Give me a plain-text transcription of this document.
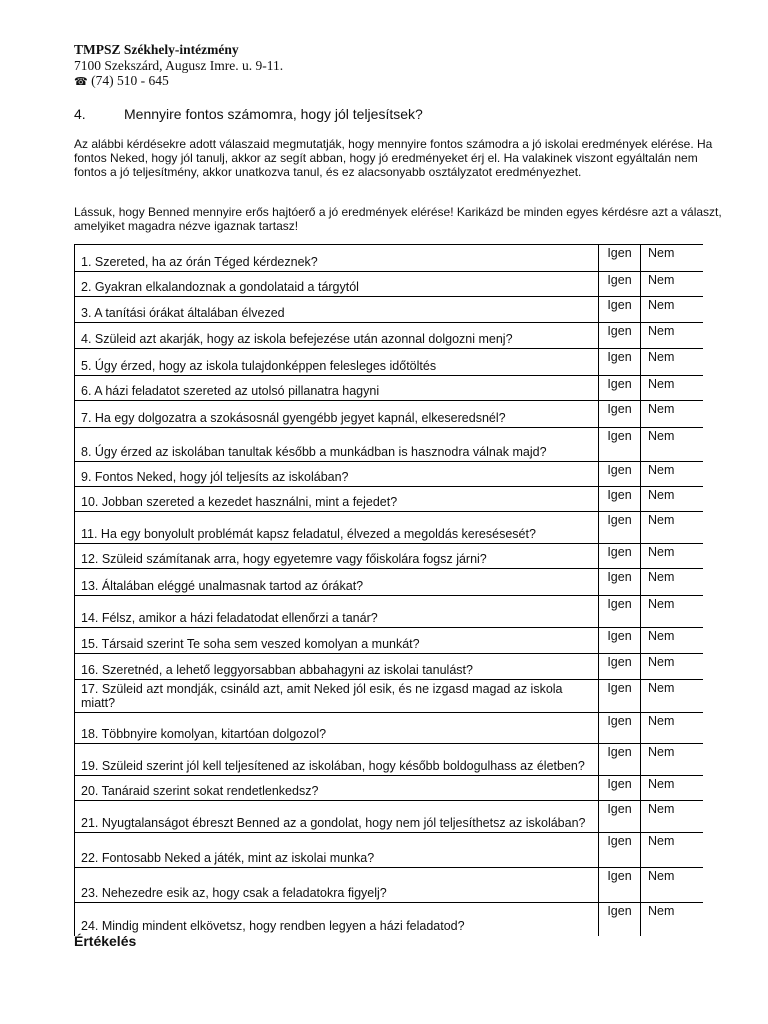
TMPSZ Székhely-intézmény
7100 Szekszárd, Augusz Imre. u. 9-11.
☎ (74) 510 - 645
4.	Mennyire fontos számomra, hogy jól teljesítsek?
Az alábbi kérdésekre adott válaszaid megmutatják, hogy mennyire fontos számodra a jó iskolai eredmények elérése. Ha fontos Neked, hogy jól tanulj, akkor az segít abban, hogy jó eredményeket érj el. Ha valakinek viszont egyáltalán nem fontos a jó teljesítmény, akkor unatkozva tanul, és ez alacsonyabb osztályzatot eredményezhet.
Lássuk, hogy Benned mennyire erős hajtóerő a jó eredmények elérése! Karikázd be minden egyes kérdésre azt a választ, amelyiket magadra nézve igaznak tartasz!
1. Szereted, ha az órán Téged kérdeznek?	Igen	Nem
2. Gyakran elkalandoznak a gondolataid a tárgytól	Igen	Nem
3. A tanítási órákat általában élvezed	Igen	Nem
4. Szüleid azt akarják, hogy az iskola befejezése után azonnal dolgozni menj?	Igen	Nem
5. Úgy érzed, hogy az iskola tulajdonképpen felesleges időtöltés	Igen	Nem
6. A házi feladatot szereted az utolsó pillanatra hagyni	Igen	Nem
7. Ha egy dolgozatra a szokásosnál gyengébb jegyet kapnál, elkeseredsnél?	Igen	Nem
8. Úgy érzed az iskolában tanultak később a munkádban is hasznodra válnak majd?	Igen	Nem
9. Fontos Neked, hogy jól teljesíts az iskolában?	Igen	Nem
10. Jobban szereted a kezedet használni, mint a fejedet?	Igen	Nem
11. Ha egy bonyolult problémát kapsz feladatul, élvezed a megoldás keresésesét?	Igen	Nem
12. Szüleid számítanak arra, hogy egyetemre vagy főiskolára fogsz járni?	Igen	Nem
13. Általában eléggé unalmasnak tartod az órákat?	Igen	Nem
14. Félsz, amikor a házi feladatodat ellenőrzi a tanár?	Igen	Nem
15. Társaid szerint Te soha sem veszed komolyan a munkát?	Igen	Nem
16. Szeretnéd, a lehető leggyorsabban abbahagyni az iskolai tanulást?	Igen	Nem
17. Szüleid azt mondják, csináld azt, amit Neked jól esik, és ne izgasd magad az iskola miatt?	Igen	Nem
18. Többnyire komolyan, kitartóan dolgozol?	Igen	Nem
19. Szüleid szerint jól kell teljesítened az iskolában, hogy később boldogulhass az életben?	Igen	Nem
20. Tanáraid szerint sokat rendetlenkedsz?	Igen	Nem
21. Nyugtalanságot ébreszt Benned az a gondolat, hogy nem jól teljesíthetsz az iskolában?	Igen	Nem
22. Fontosabb Neked a játék, mint az iskolai munka?	Igen	Nem
23. Nehezedre esik az, hogy csak a feladatokra figyelj?	Igen	Nem
24. Mindig mindent elkövetsz, hogy rendben legyen a házi feladatod?	Igen	Nem
Értékelés
